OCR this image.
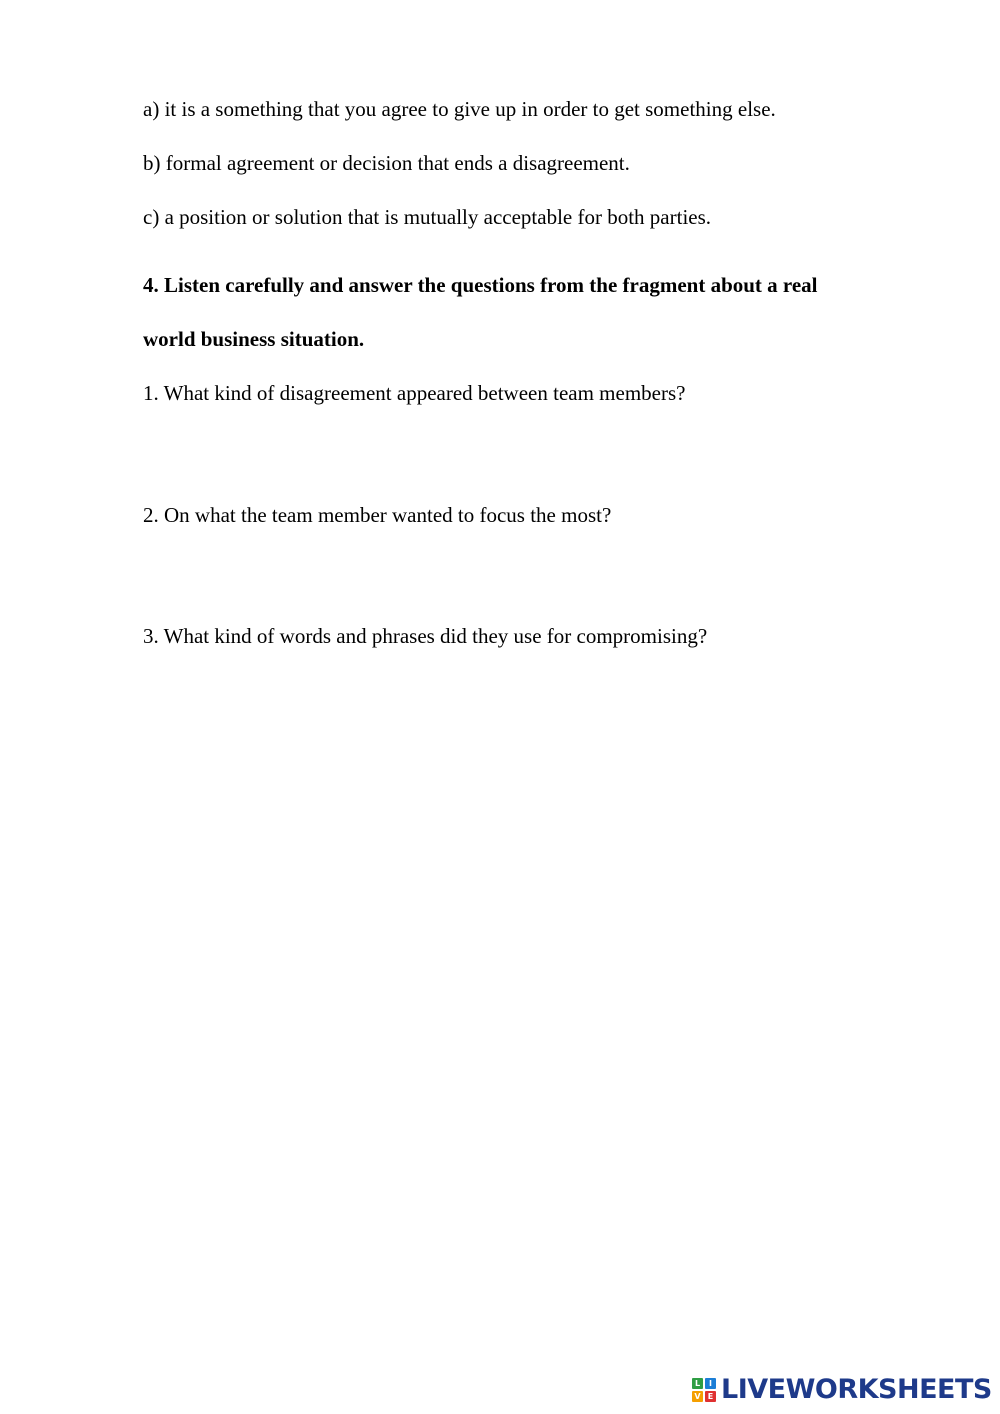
a) it is a something that you agree to give up in order to get something else.

b) formal agreement or decision that ends a disagreement.

c) a position or solution that is mutually acceptable for both parties.

4. Listen carefully and answer the questions from the fragment about a real

world business situation.

1. What kind of disagreement appeared between team members?

2. On what the team member wanted to focus the most?

3. What kind of words and phrases did they use for compromising?

L	I
V E LIVEWORKSHEETS
